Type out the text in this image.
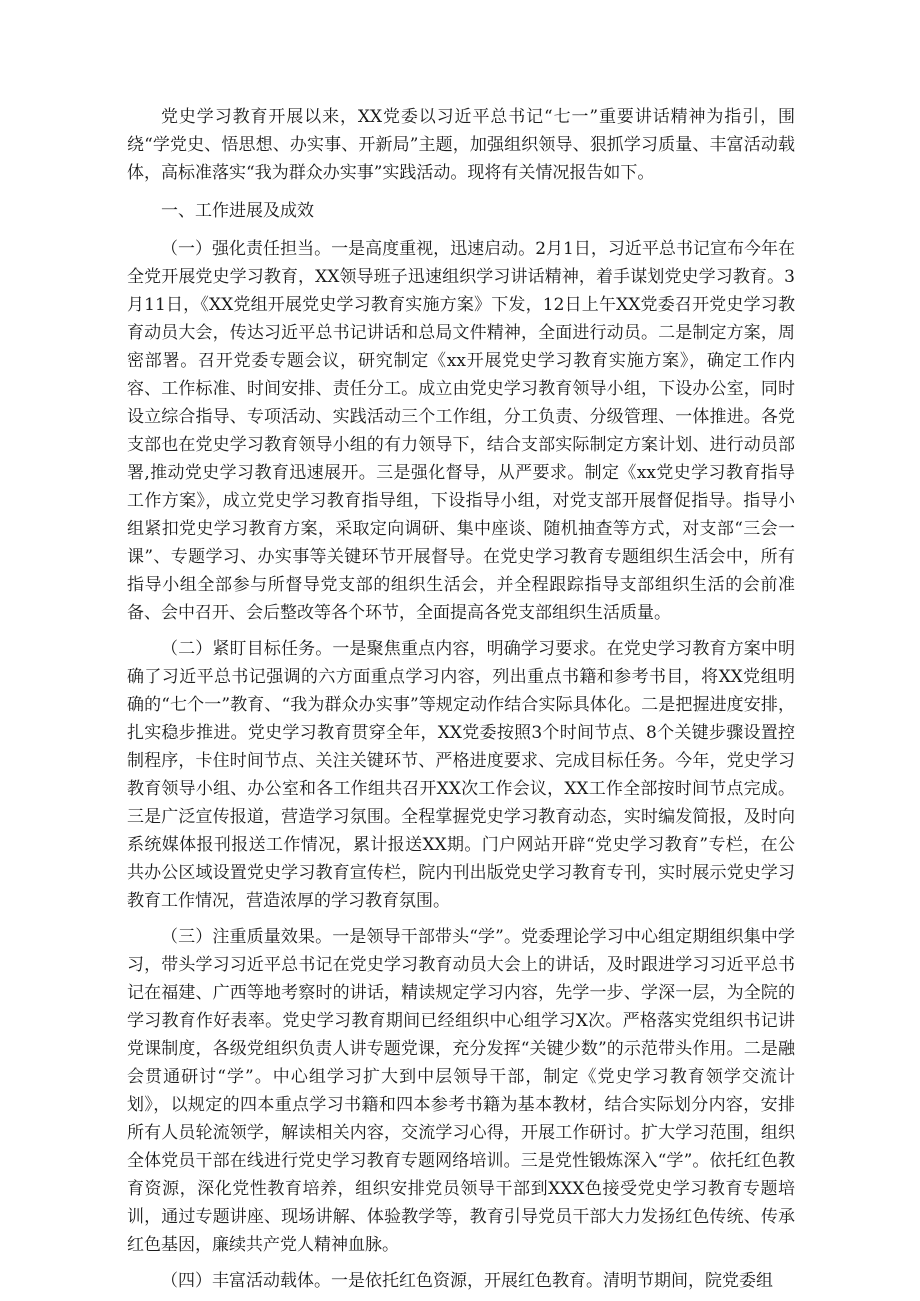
党史学习教育开展以来，XX党委以习近平总书记“七一”重要讲话精神为指引，围绕“学党史、悟思想、办实事、开新局”主题，加强组织领导、狠抓学习质量、丰富活动载体，高标准落实“我为群众办实事”实践活动。现将有关情况报告如下。

一、工作进展及成效

（一）强化责任担当。一是高度重视，迅速启动。2月1日，习近平总书记宣布今年在全党开展党史学习教育，XX领导班子迅速组织学习讲话精神，着手谋划党史学习教育。3月11日，《XX党组开展党史学习教育实施方案》下发，12日上午XX党委召开党史学习教育动员大会，传达习近平总书记讲话和总局文件精神，全面进行动员。二是制定方案，周密部署。召开党委专题会议，研究制定《xx开展党史学习教育实施方案》，确定工作内容、工作标准、时间安排、责任分工。成立由党史学习教育领导小组，下设办公室，同时设立综合指导、专项活动、实践活动三个工作组，分工负责、分级管理、一体推进。各党支部也在党史学习教育领导小组的有力领导下，结合支部实际制定方案计划、进行动员部署,推动党史学习教育迅速展开。三是强化督导，从严要求。制定《xx党史学习教育指导工作方案》，成立党史学习教育指导组，下设指导小组，对党支部开展督促指导。指导小组紧扣党史学习教育方案，采取定向调研、集中座谈、随机抽查等方式，对支部“三会一课”、专题学习、办实事等关键环节开展督导。在党史学习教育专题组织生活会中，所有指导小组全部参与所督导党支部的组织生活会，并全程跟踪指导支部组织生活的会前准备、会中召开、会后整改等各个环节，全面提高各党支部组织生活质量。

（二）紧盯目标任务。一是聚焦重点内容，明确学习要求。在党史学习教育方案中明确了习近平总书记强调的六方面重点学习内容，列出重点书籍和参考书目，将XX党组明确的“七个一”教育、“我为群众办实事”等规定动作结合实际具体化。二是把握进度安排，扎实稳步推进。党史学习教育贯穿全年，XX党委按照3个时间节点、8个关键步骤设置控制程序，卡住时间节点、关注关键环节、严格进度要求、完成目标任务。今年，党史学习教育领导小组、办公室和各工作组共召开XX次工作会议，XX工作全部按时间节点完成。三是广泛宣传报道，营造学习氛围。全程掌握党史学习教育动态，实时编发简报，及时向系统媒体报刊报送工作情况，累计报送XX期。门户网站开辟“党史学习教育”专栏，在公共办公区域设置党史学习教育宣传栏，院内刊出版党史学习教育专刊，实时展示党史学习教育工作情况，营造浓厚的学习教育氛围。

（三）注重质量效果。一是领导干部带头“学”。党委理论学习中心组定期组织集中学习，带头学习习近平总书记在党史学习教育动员大会上的讲话，及时跟进学习习近平总书记在福建、广西等地考察时的讲话，精读规定学习内容，先学一步、学深一层，为全院的学习教育作好表率。党史学习教育期间已经组织中心组学习X次。严格落实党组织书记讲党课制度，各级党组织负责人讲专题党课，充分发挥“关键少数”的示范带头作用。二是融会贯通研讨“学”。中心组学习扩大到中层领导干部，制定《党史学习教育领学交流计划》，以规定的四本重点学习书籍和四本参考书籍为基本教材，结合实际划分内容，安排所有人员轮流领学，解读相关内容，交流学习心得，开展工作研讨。扩大学习范围，组织全体党员干部在线进行党史学习教育专题网络培训。三是党性锻炼深入“学”。依托红色教育资源，深化党性教育培养，组织安排党员领导干部到XXX色接受党史学习教育专题培训，通过专题讲座、现场讲解、体验教学等，教育引导党员干部大力发扬红色传统、传承红色基因，廉续共产党人精神血脉。

（四）丰富活动载体。一是依托红色资源，开展红色教育。清明节期间，院党委组
